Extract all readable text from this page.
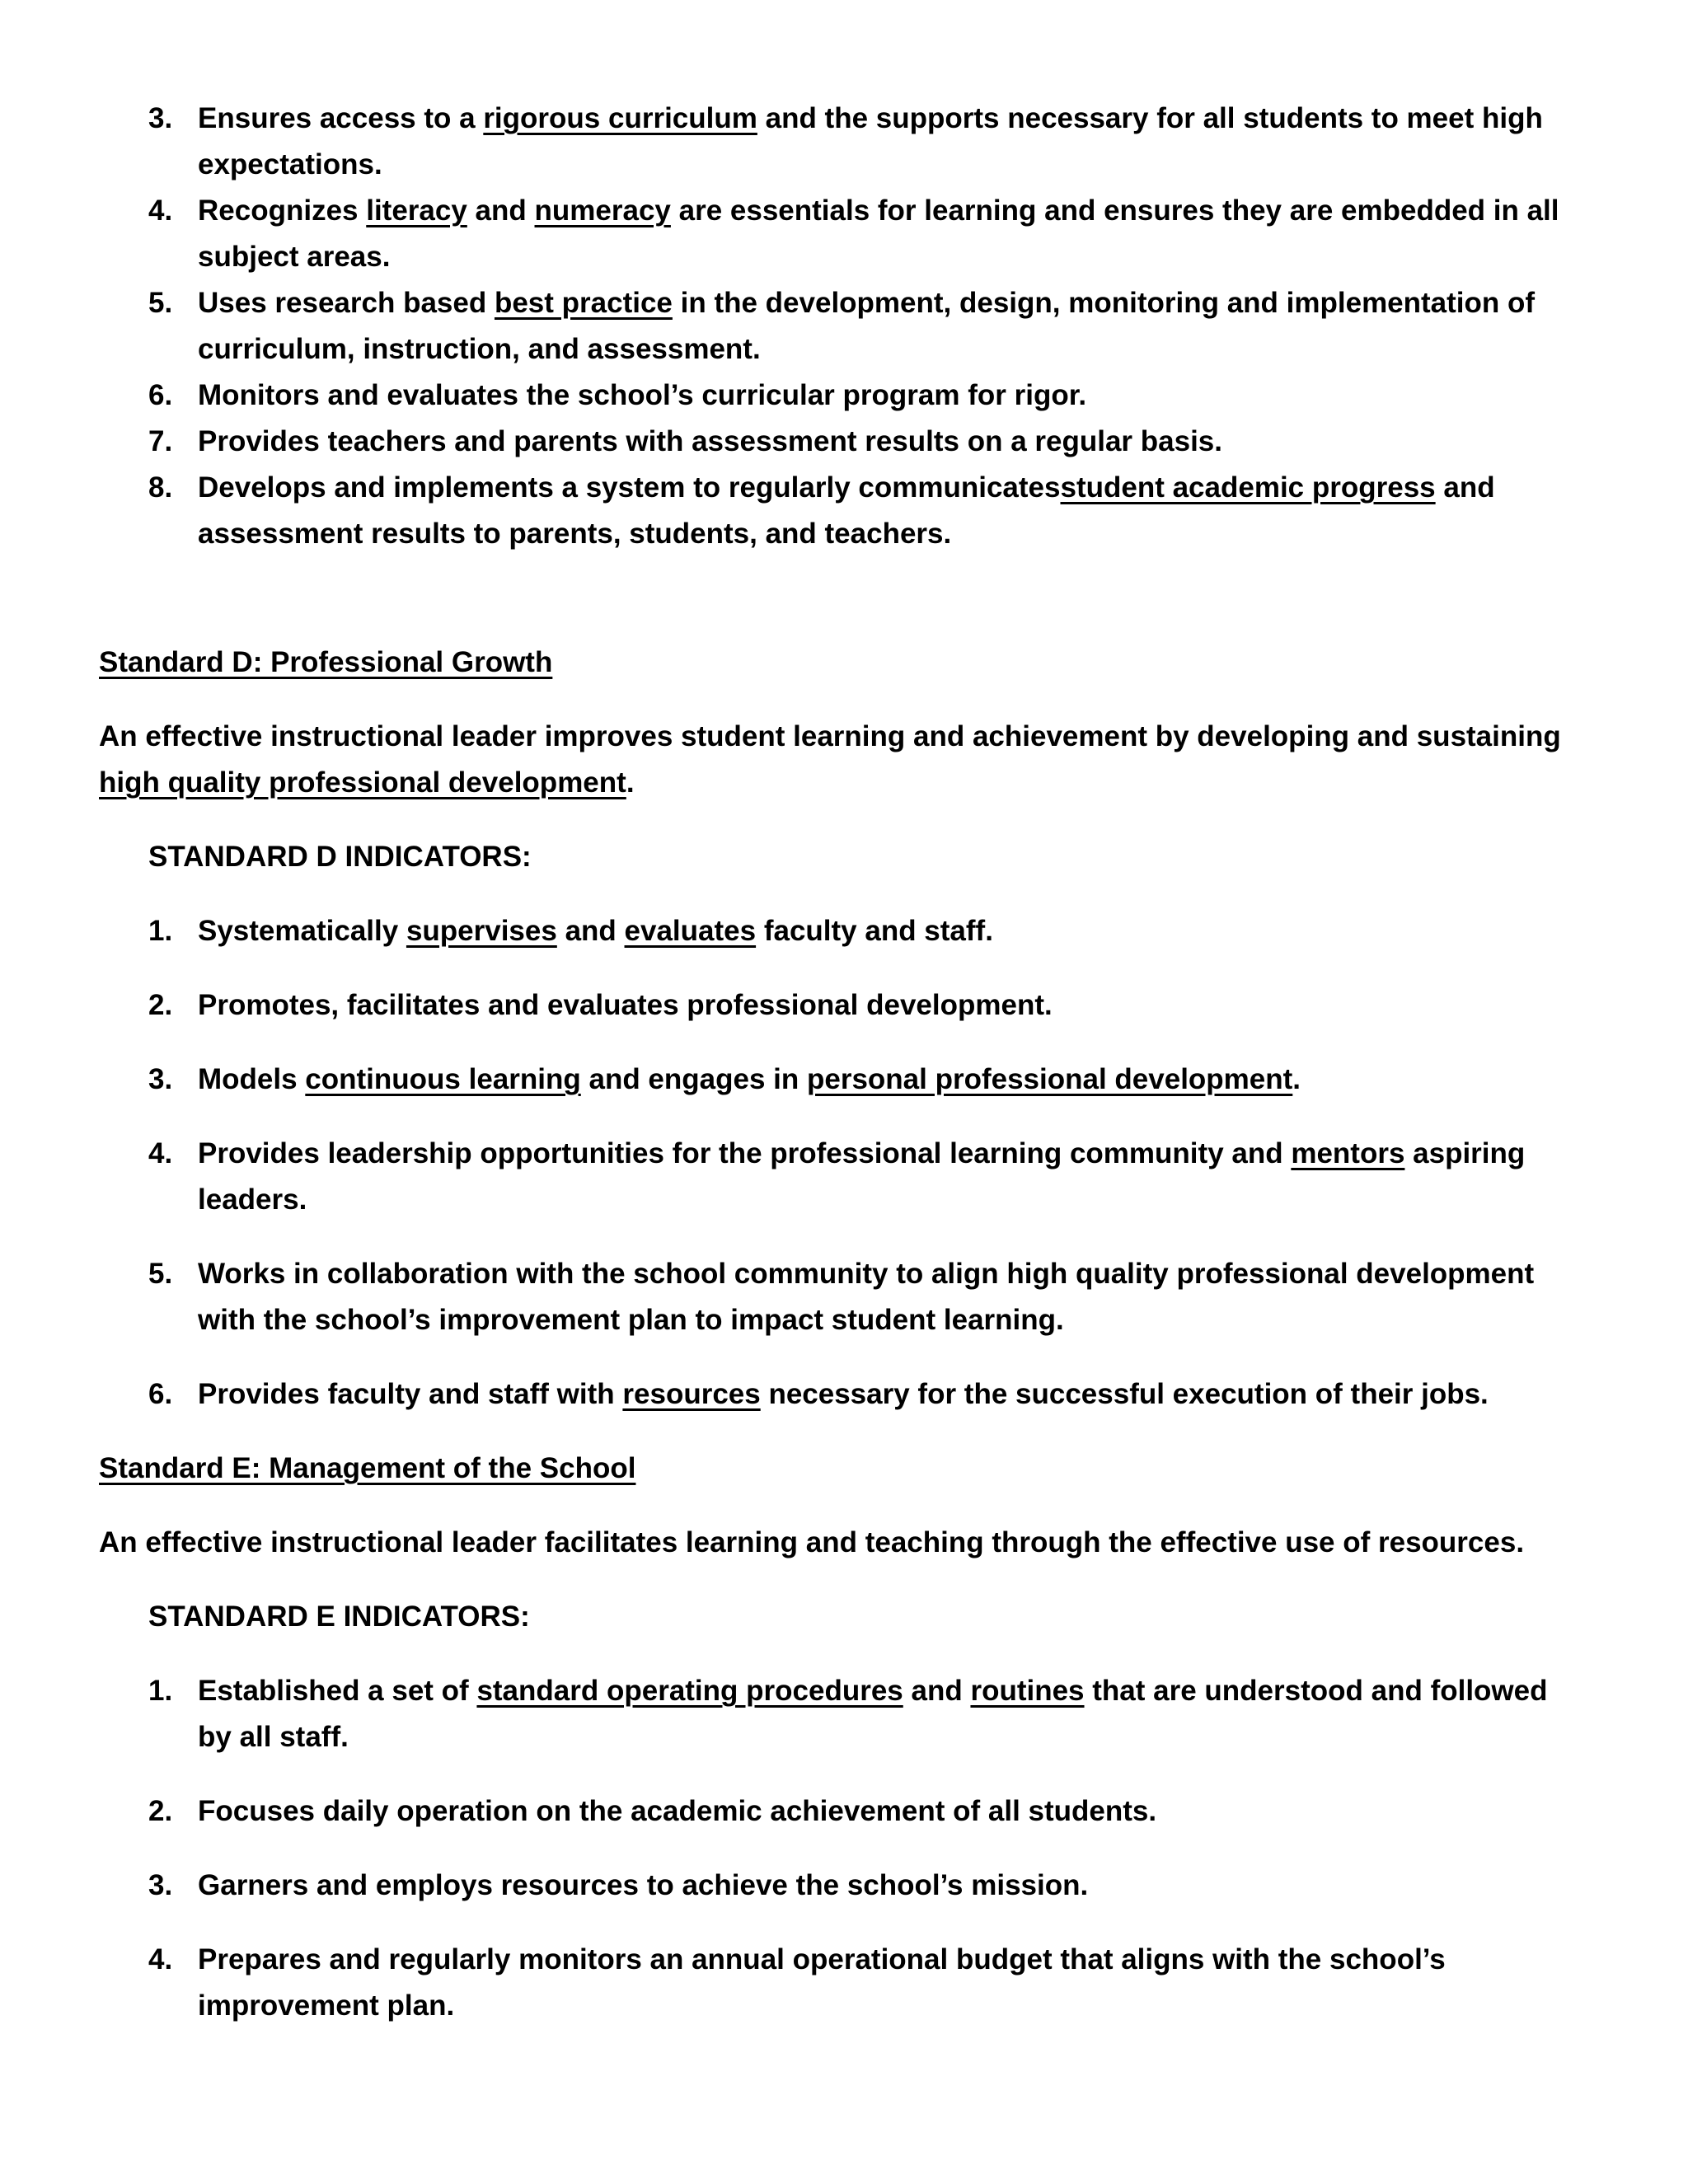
3. Ensures access to a rigorous curriculum and the supports necessary for all students to meet high
expectations.
4. Recognizes literacy and numeracy are essentials for learning and ensures they are embedded in all
subject areas.
5. Uses research based best practice in the development, design, monitoring and implementation of
curriculum, instruction, and assessment.
6. Monitors and evaluates the school’s curricular program for rigor.
7. Provides teachers and parents with assessment results on a regular basis.
8. Develops and implements a system to regularly communicatesstudent academic progress and
assessment results to parents, students, and teachers.
Standard D: Professional Growth
An effective instructional leader improves student learning and achievement by developing and sustaining
high quality professional development.
STANDARD D INDICATORS:
1. Systematically supervises and evaluates faculty and staff.
2. Promotes, facilitates and evaluates professional development.
3. Models continuous learning and engages in personal professional development.
4. Provides leadership opportunities for the professional learning community and mentors aspiring
leaders.
5. Works in collaboration with the school community to align high quality professional development
with the school’s improvement plan to impact student learning.
6. Provides faculty and staff with resources necessary for the successful execution of their jobs.
Standard E: Management of the School
An effective instructional leader facilitates learning and teaching through the effective use of resources.
STANDARD E INDICATORS:
1. Established a set of standard operating procedures and routines that are understood and followed
by all staff.
2. Focuses daily operation on the academic achievement of all students.
3. Garners and employs resources to achieve the school’s mission.
4. Prepares and regularly monitors an annual operational budget that aligns with the school’s
improvement plan.
